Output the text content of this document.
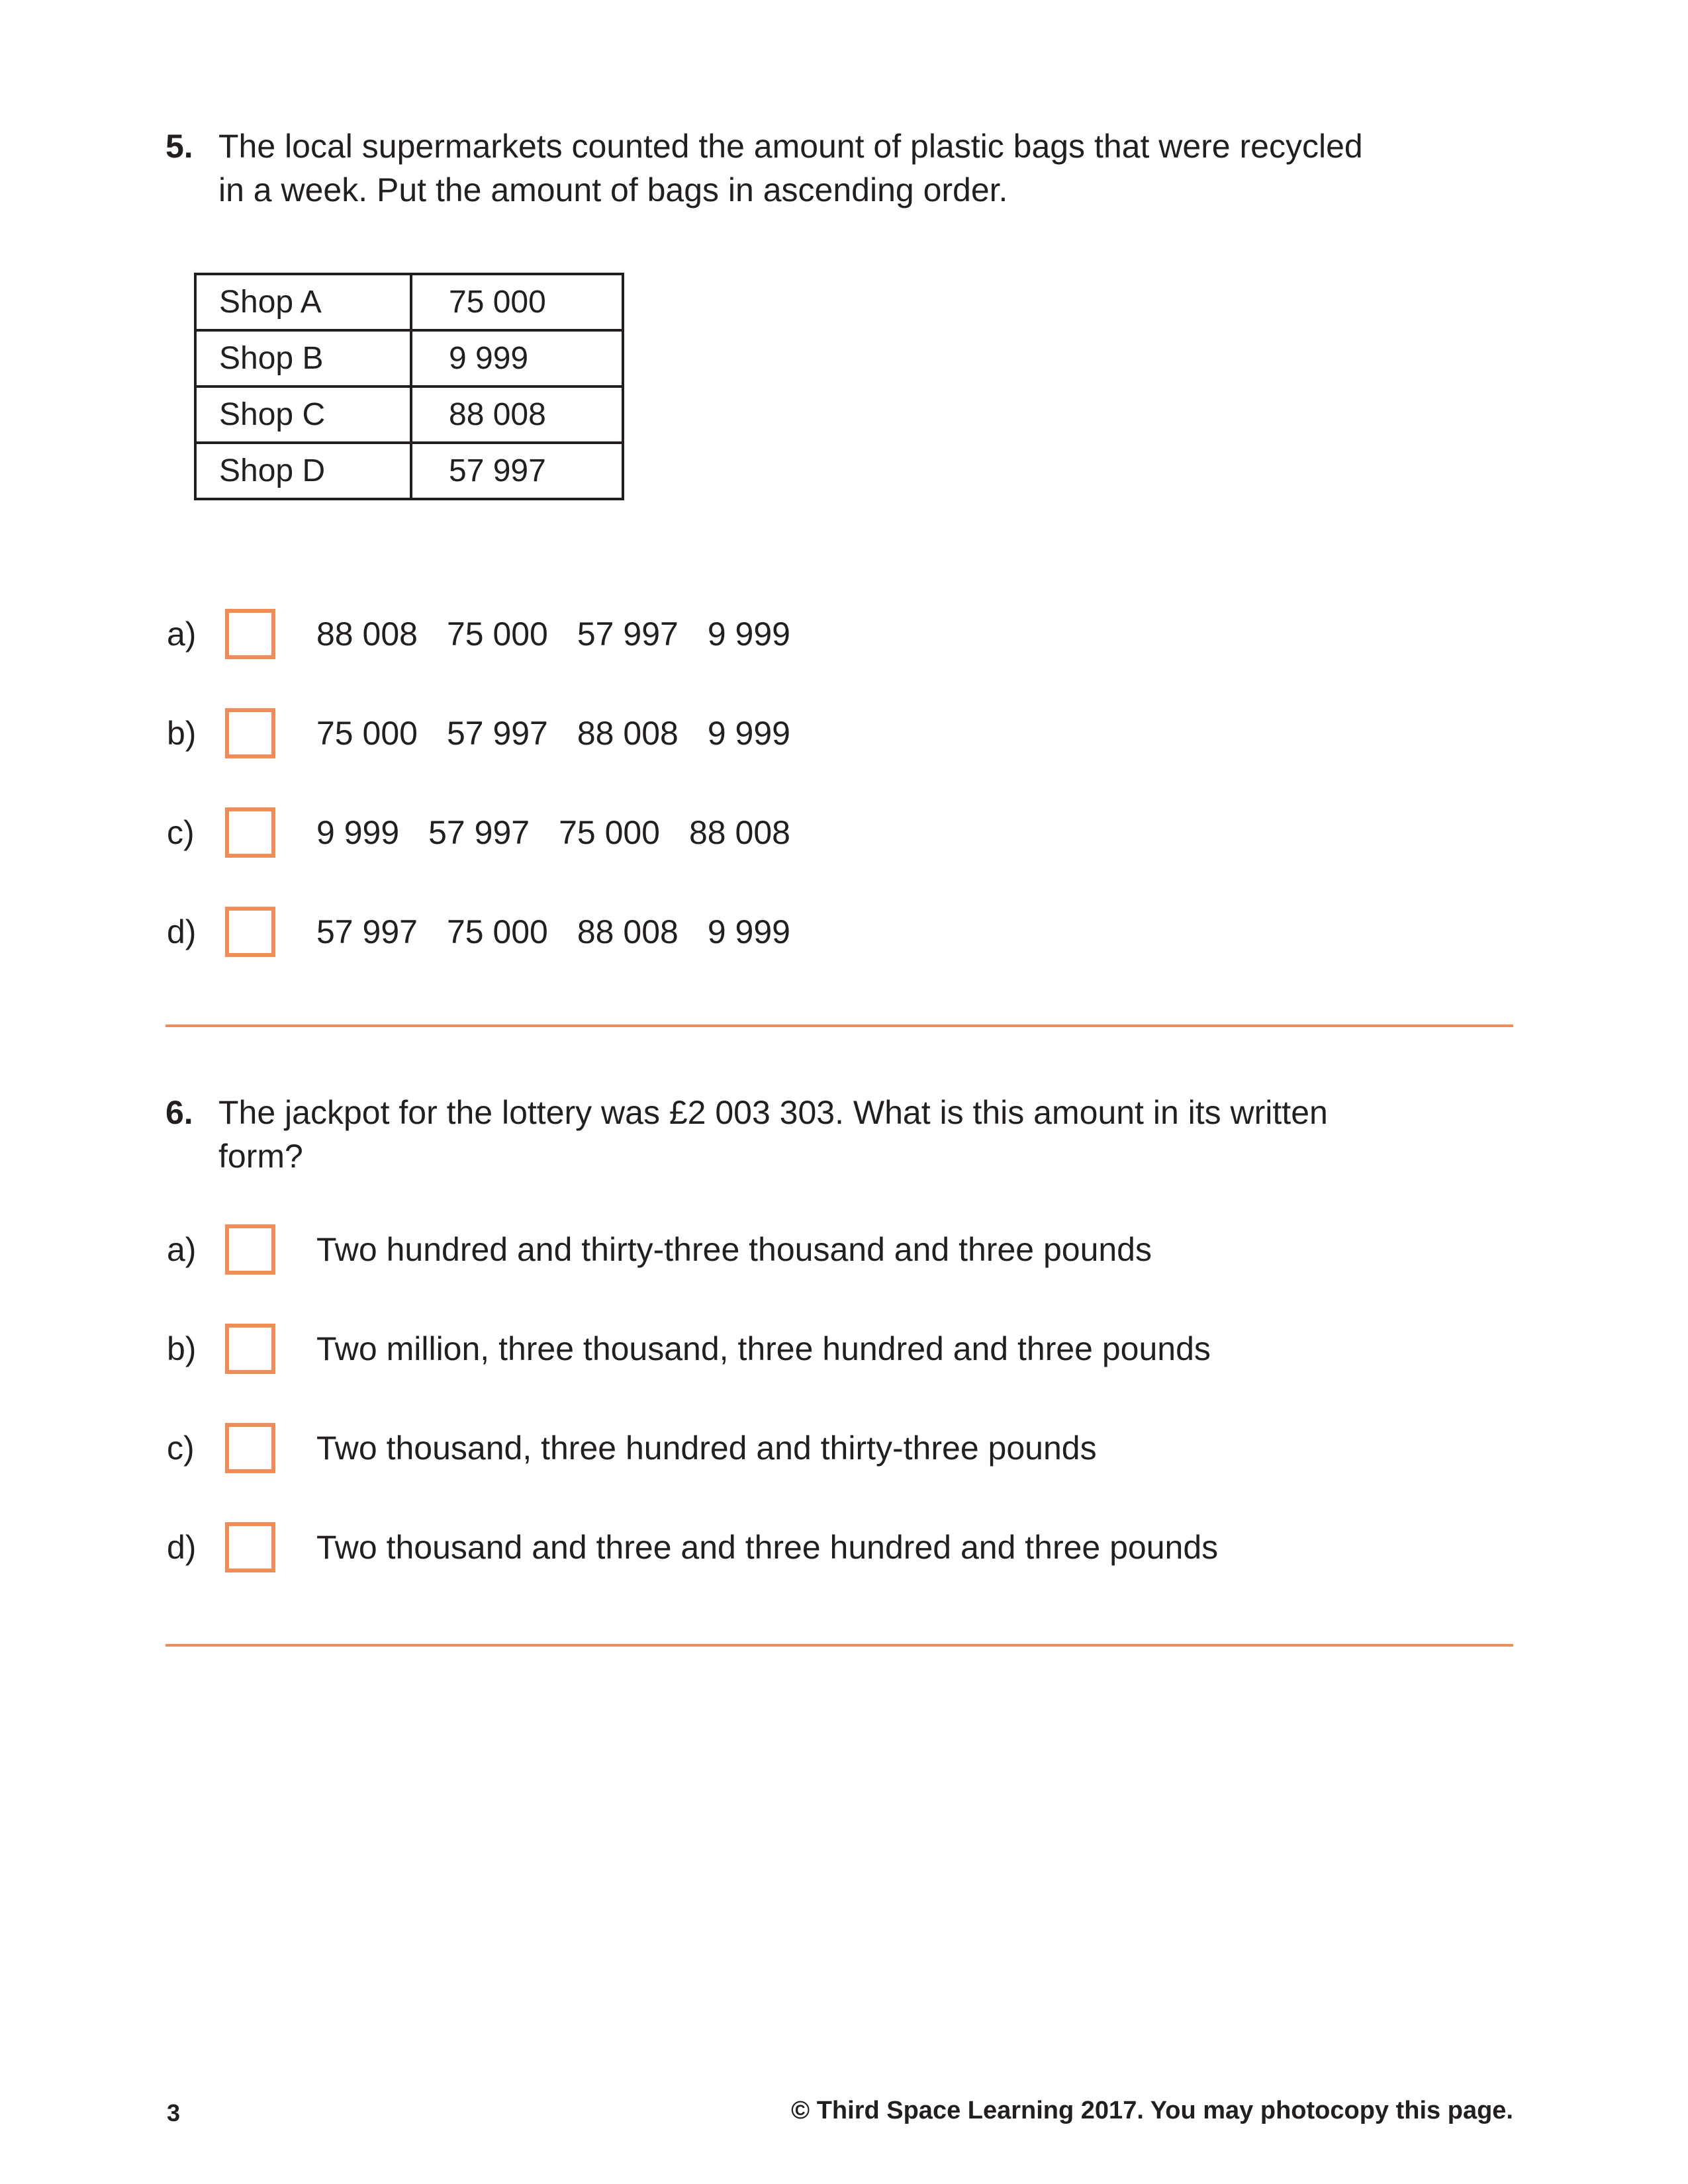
5. The local supermarkets counted the amount of plastic bags that were recycled
in a week. Put the amount of bags in ascending order.
Shop A	75 000
Shop B	9 999
Shop C	88 008
Shop D	57 997
a)	88 008 75 000 57 997 9 999
b)	75 000 57 997 88 008 9 999
c)	9 999 57 997 75 000 88 008
d)	57 997 75 000 88 008 9 999
6. The jackpot for the lottery was £2 003 303. What is this amount in its written
form?
a)	Two hundred and thirty-three thousand and three pounds
b)	Two million, three thousand, three hundred and three pounds
c)	Two thousand, three hundred and thirty-three pounds
d)	Two thousand and three and three hundred and three pounds
3	© Third Space Learning 2017. You may photocopy this page.
